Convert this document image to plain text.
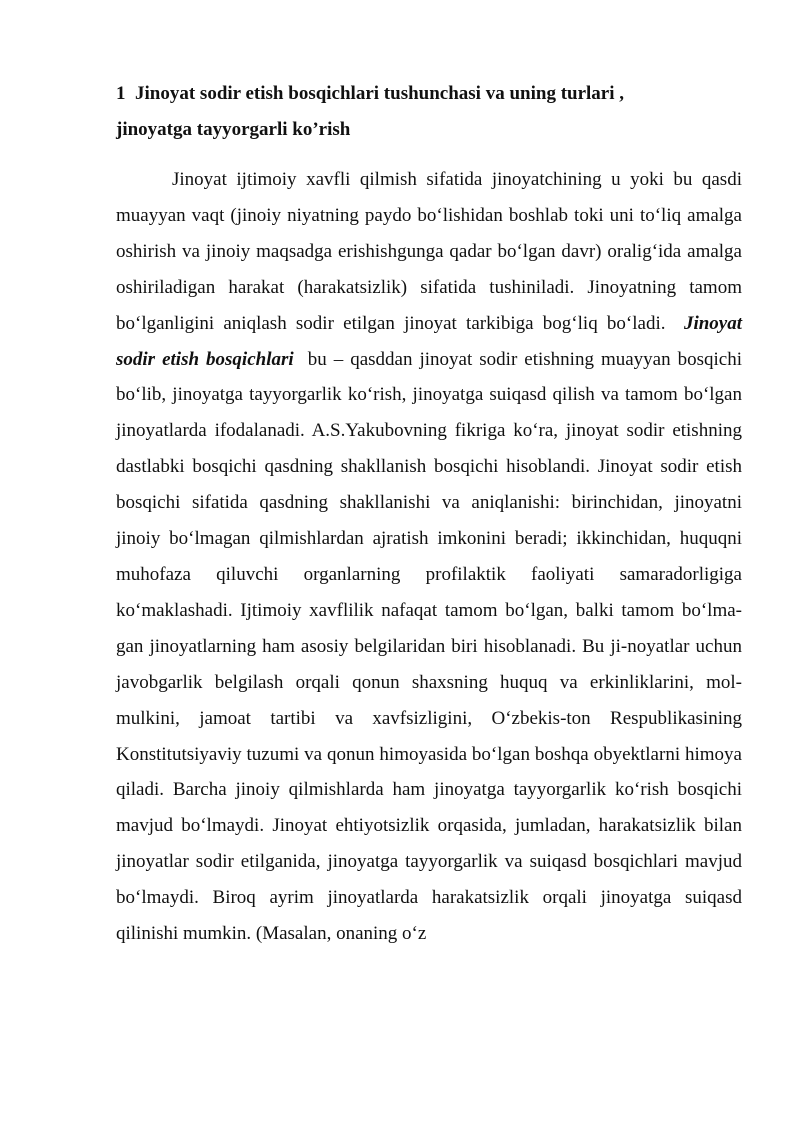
1 Jinoyat sodir etish bosqichlari tushunchasi va uning turlari ,
jinoyatga tayyorgarli ko’rish

Jinoyat ijtimoiy xavfli qilmish sifatida jinoyatchining u yoki bu qasdi muayyan vaqt (jinoiy niyatning paydo bo‘lishidan boshlab toki uni to‘liq amalga oshirish va jinoiy maqsadga erishishgunga qadar bo‘lgan davr) oralig‘ida amalga oshiriladigan harakat (harakatsizlik) sifatida tushiniladi. Jinoyatning tamom bo‘lganligini aniqlash sodir etilgan jinoyat tarkibiga bog‘liq bo‘ladi. Jinoyat sodir etish bosqichlari bu – qasddan jinoyat sodir etishning muayyan bosqichi bo‘lib, jinoyatga tayyorgarlik ko‘rish, jinoyatga suiqasd qilish va tamom bo‘lgan jinoyatlarda ifodalanadi. A.S.Yakubovning fikriga ko‘ra, jinoyat sodir etishning dastlabki bosqichi qasdning shakllanish bosqichi hisoblandi. Jinoyat sodir etish bosqichi sifatida qasdning shakllanishi va aniqlanishi: birinchidan, jinoyatni jinoiy bo‘lmagan qilmishlardan ajratish imkonini beradi; ikkinchidan, huquqni muhofaza qiluvchi organlarning profilaktik faoliyati samaradorligiga ko‘maklashadi. Ijtimoiy xavflilik nafaqat tamom bo‘lgan, balki tamom bo‘lma-gan jinoyatlarning ham asosiy belgilaridan biri hisoblanadi. Bu ji-noyatlar uchun javobgarlik belgilash orqali qonun shaxsning huquq va erkinliklarini, mol-mulkini, jamoat tartibi va xavfsizligini, O‘zbekis-ton Respublikasining Konstitutsiyaviy tuzumi va qonun himoyasida bo‘lgan boshqa obyektlarni himoya qiladi. Barcha jinoiy qilmishlarda ham jinoyatga tayyorgarlik ko‘rish bosqichi mavjud bo‘lmaydi. Jinoyat ehtiyotsizlik orqasida, jumladan, harakatsizlik bilan jinoyatlar sodir etilganida, jinoyatga tayyorgarlik va suiqasd bosqichlari mavjud bo‘lmaydi. Biroq ayrim jinoyatlarda harakatsizlik orqali jinoyatga suiqasd qilinishi mumkin. (Masalan, onaning o‘z
